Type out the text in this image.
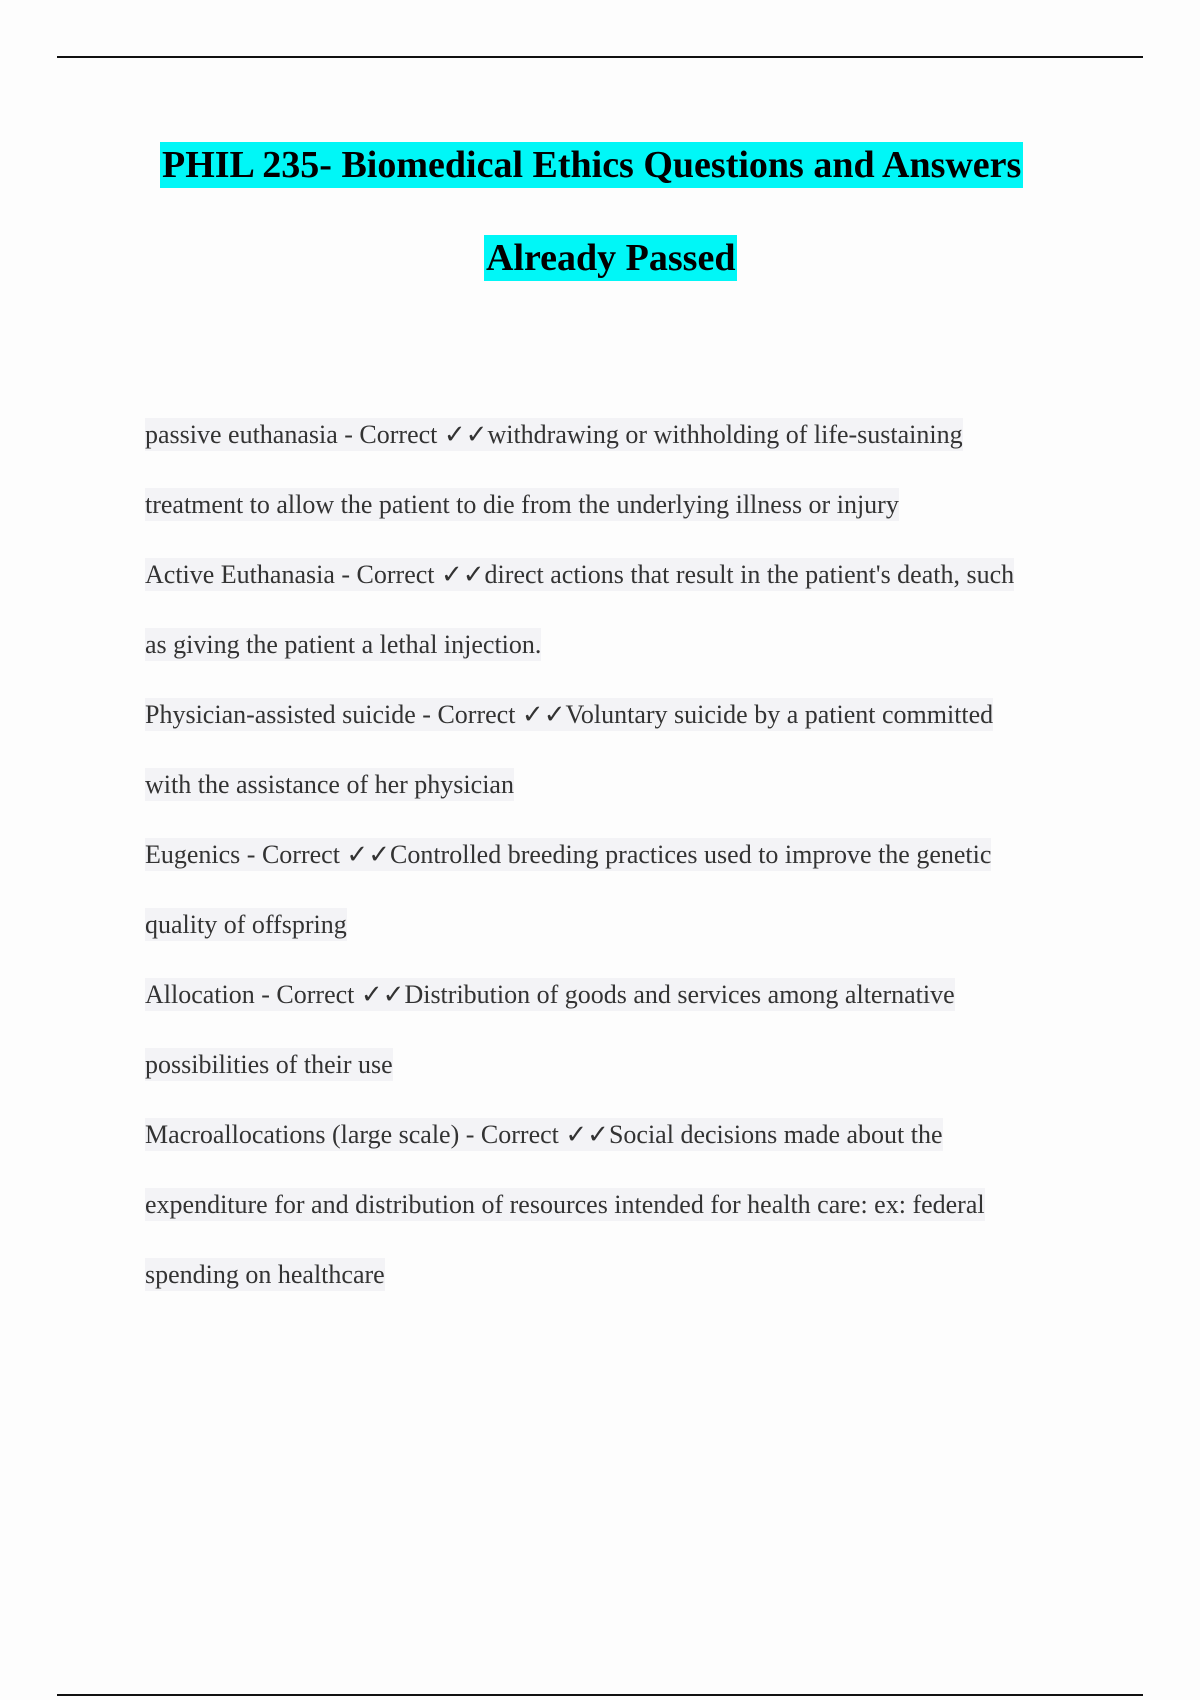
PHIL 235- Biomedical Ethics Questions and Answers
Already Passed
passive euthanasia - Correct ✓✓withdrawing or withholding of life-sustaining
treatment to allow the patient to die from the underlying illness or injury
Active Euthanasia - Correct ✓✓direct actions that result in the patient's death, such
as giving the patient a lethal injection.
Physician-assisted suicide - Correct ✓✓Voluntary suicide by a patient committed
with the assistance of her physician
Eugenics - Correct ✓✓Controlled breeding practices used to improve the genetic
quality of offspring
Allocation - Correct ✓✓Distribution of goods and services among alternative
possibilities of their use
Macroallocations (large scale) - Correct ✓✓Social decisions made about the
expenditure for and distribution of resources intended for health care: ex: federal
spending on healthcare
